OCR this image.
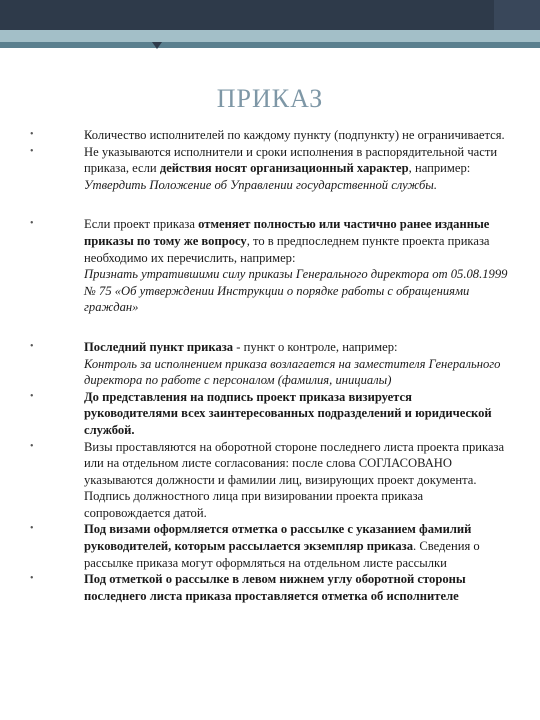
ПРИКАЗ
•	Количество исполнителей по каждому пункту (подпункту) не ограничивается.
•	Не указываются исполнители и сроки исполнения в распорядительной части приказа, если действия носят организационный характер, например:
Утвердить Положение об Управлении государственной службы.
•	Если проект приказа отменяет полностью или частично ранее изданные приказы по тому же вопросу, то в предпоследнем пункте проекта приказа необходимо их перечислить, например:
Признать утратившими силу приказы Генерального директора от 05.08.1999 № 75 «Об утверждении Инструкции о порядке работы с обращениями граждан»
•	Последний пункт приказа - пункт о контроле, например:
Контроль за исполнением приказа возлагается на заместителя Генерального директора по работе с персоналом (фамилия, инициалы)
•	До представления на подпись проект приказа визируется руководителями всех заинтересованных подразделений и юридической службой.
•	Визы проставляются на оборотной стороне последнего листа проекта приказа или на отдельном листе согласования: после слова СОГЛАСОВАНО указываются должности и фамилии лиц, визирующих проект документа. Подпись должностного лица при визировании проекта приказа сопровождается датой.
•	Под визами оформляется отметка о рассылке с указанием фамилий руководителей, которым рассылается экземпляр приказа. Сведения о рассылке приказа могут оформляться на отдельном листе рассылки
•	Под отметкой о рассылке в левом нижнем углу оборотной стороны последнего листа приказа проставляется отметка об исполнителе
